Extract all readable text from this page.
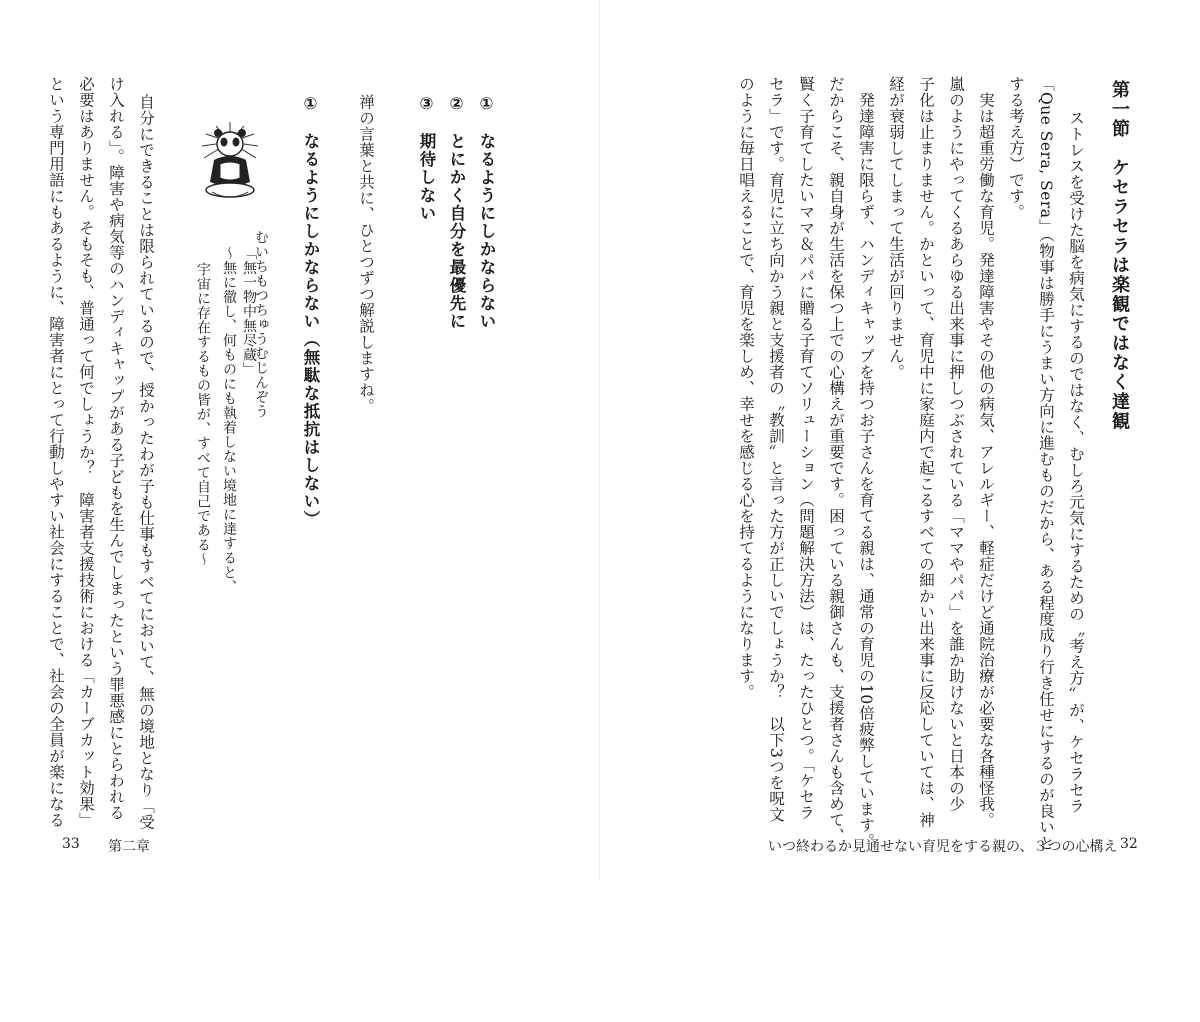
第一節　ケセラセラは楽観ではなく達観
ストレスを受けた脳を病気にするのではなく、むしろ元気にするための〝考え方〟が、ケセラセラ
「Que Sera, Sera」（物事は勝手にうまい方向に進むものだから、ある程度成り行き任せにするのが良いと
する考え方）です。
実は超重労働な育児。発達障害やその他の病気、アレルギー、軽症だけど通院治療が必要な各種怪我。
嵐のようにやってくるあらゆる出来事に押しつぶされている「ママやパパ」を誰か助けないと日本の少
子化は止まりません。かといって、育児中に家庭内で起こるすべての細かい出来事に反応していては、神
経が衰弱してしまって生活が回りません。
発達障害に限らず、ハンディキャップを持つお子さんを育てる親は、通常の育児の10倍疲弊しています。
だからこそ、親自身が生活を保つ上での心構えが重要です。困っている親御さんも、支援者さんも含めて、
賢く子育てしたいママ＆パパに贈る子育てソリューション（問題解決方法）は、たったひとつ。「ケセラ
セラ」です。育児に立ち向かう親と支援者の〝教訓〟と言った方が正しいでしょうか？　以下3つを呪文
のように毎日唱えることで、育児を楽しめ、幸せを感じる心を持てるようになります。
いつ終わるか見通せない育児をする親の、３つの心構え 32
①　なるようにしかならない
②　とにかく自分を最優先に
③　期待しない
禅の言葉と共に、ひとつずつ解説しますね。
①　なるようにしかならない（無駄な抵抗はしない）
むいちもつちゅうむじんぞう
「無一物中無尽蔵」
～無に徹し、何ものにも執着しない境地に達すると、
宇宙に存在するもの皆が、すべて自己である～
自分にできることは限られているので、授かったわが子も仕事もすべてにおいて、無の境地となり「受
け入れる」。障害や病気等のハンディキャップがある子どもを生んでしまったという罪悪感にとらわれる
必要はありません。そもそも、普通って何でしょうか？　障害者支援技術における「カーブカット効果」
という専門用語にもあるように、障害者にとって行動しやすい社会にすることで、社会の全員が楽になる
33 第二章
